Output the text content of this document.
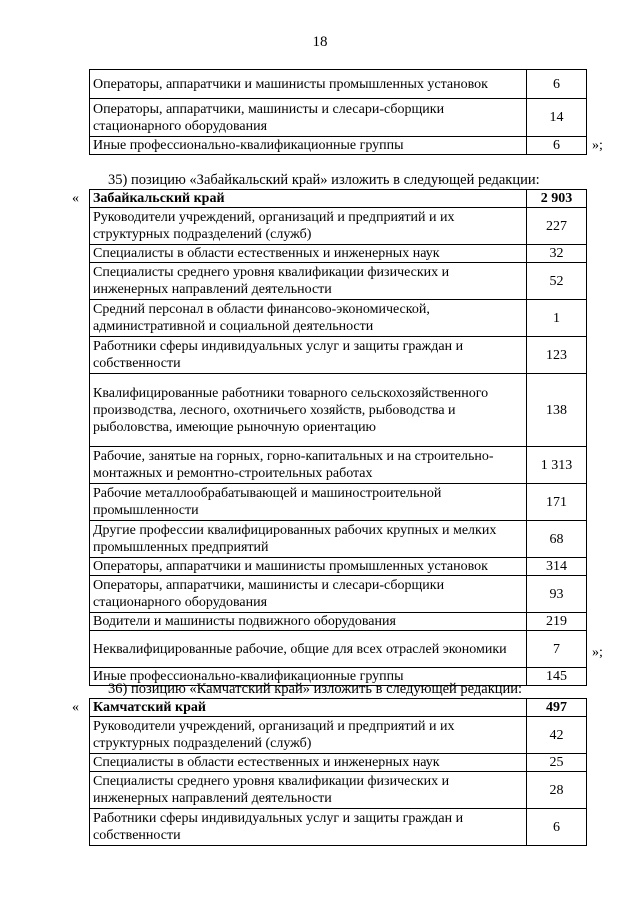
18
Операторы, аппаратчики и машинисты промышленных установок	6
Операторы, аппаратчики, машинисты и слесари-сборщики стационарного оборудования	14
Иные профессионально-квалификационные группы	6 »;
35) позицию «Забайкальский край» изложить в следующей редакции:
« Забайкальский край	2 903
Руководители учреждений, организаций и предприятий и их структурных подразделений (служб)	227
Специалисты в области естественных и инженерных наук	32
Специалисты среднего уровня квалификации физических и инженерных направлений деятельности	52
Средний персонал в области финансово-экономической, административной и социальной деятельности	1
Работники сферы индивидуальных услуг и защиты граждан и собственности	123
Квалифицированные работники товарного сельскохозяйственного производства, лесного, охотничьего хозяйств, рыбоводства и рыболовства, имеющие рыночную ориентацию	138
Рабочие, занятые на горных, горно-капитальных и на строительно-монтажных и ремонтно-строительных работах	1 313
Рабочие металлообрабатывающей и машиностроительной промышленности	171
Другие профессии квалифицированных рабочих крупных и мелких промышленных предприятий	68
Операторы, аппаратчики и машинисты промышленных установок	314
Операторы, аппаратчики, машинисты и слесари-сборщики стационарного оборудования	93
Водители и машинисты подвижного оборудования	219
Неквалифицированные рабочие, общие для всех отраслей экономики	7
Иные профессионально-квалификационные группы	145
»;
36) позицию «Камчатский край» изложить в следующей редакции:
« Камчатский край	497
Руководители учреждений, организаций и предприятий и их структурных подразделений (служб)	42
Специалисты в области естественных и инженерных наук	25
Специалисты среднего уровня квалификации физических и инженерных направлений деятельности	28
Работники сферы индивидуальных услуг и защиты граждан и собственности	6
